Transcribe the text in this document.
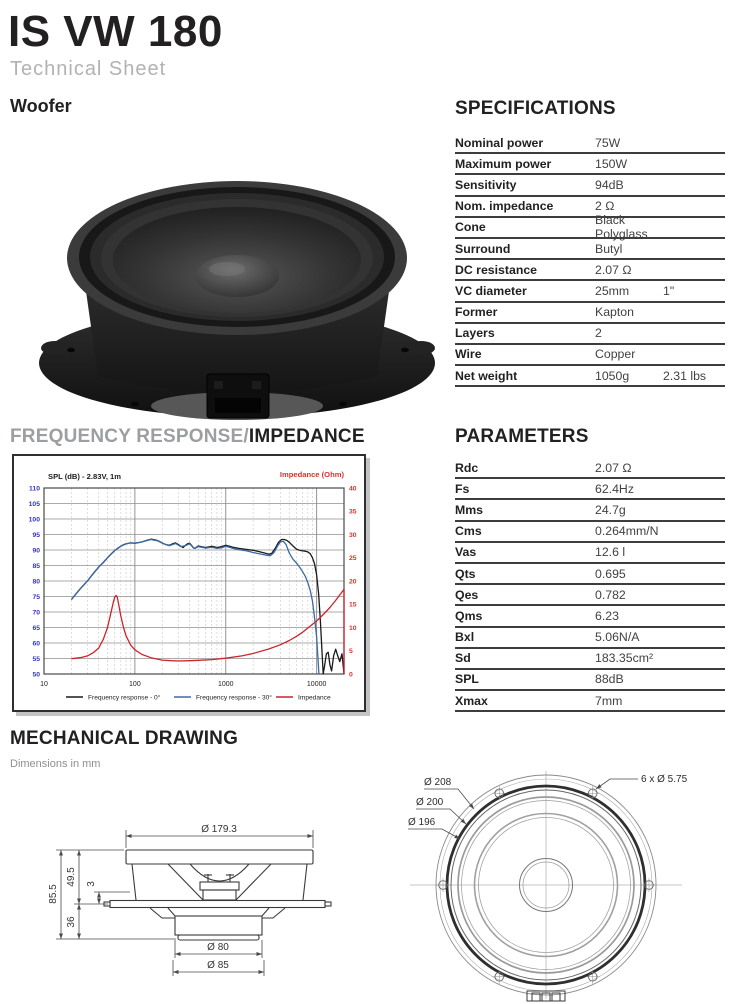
IS VW 180
Technical Sheet
Woofer	SPECIFICATIONS
Nominal power	75W
Maximum power	150W
Sensitivity	94dB
Nom. impedance	2 Ω
Cone	Black Polyglass
Surround	Butyl
DC resistance	2.07 Ω
VC diameter	25mm	1"
Former	Kapton
Layers	2
Wire	Copper
Net weight	1050g	2.31 lbs
FREQUENCY RESPONSE/IMPEDANCE
50
55
60
65
70
75
80
85
90
95
100
105
110
10	100	1000	10000
0
5
10
15
20
25
30
35
40
SPL (dB) - 2.83V, 1m	Impedance (Ohm)
Frequency response - 0°	Frequency response - 30°	Impedance
PARAMETERS
Rdc	2.07 Ω
Fs	62.4Hz
Mms	24.7g
Cms	0.264mm/N
Vas	12.6 l
Qts	0.695
Qes	0.782
Qms	6.23
Bxl	5.06N/A
Sd	183.35cm²
SPL	88dB
Xmax	7mm
MECHANICAL DRAWING
Dimensions in mm
Ø 179.3
85.5
49.5 3
36
Ø 80
Ø 85
Ø 208
Ø 200
Ø 196
6 x Ø 5.75
